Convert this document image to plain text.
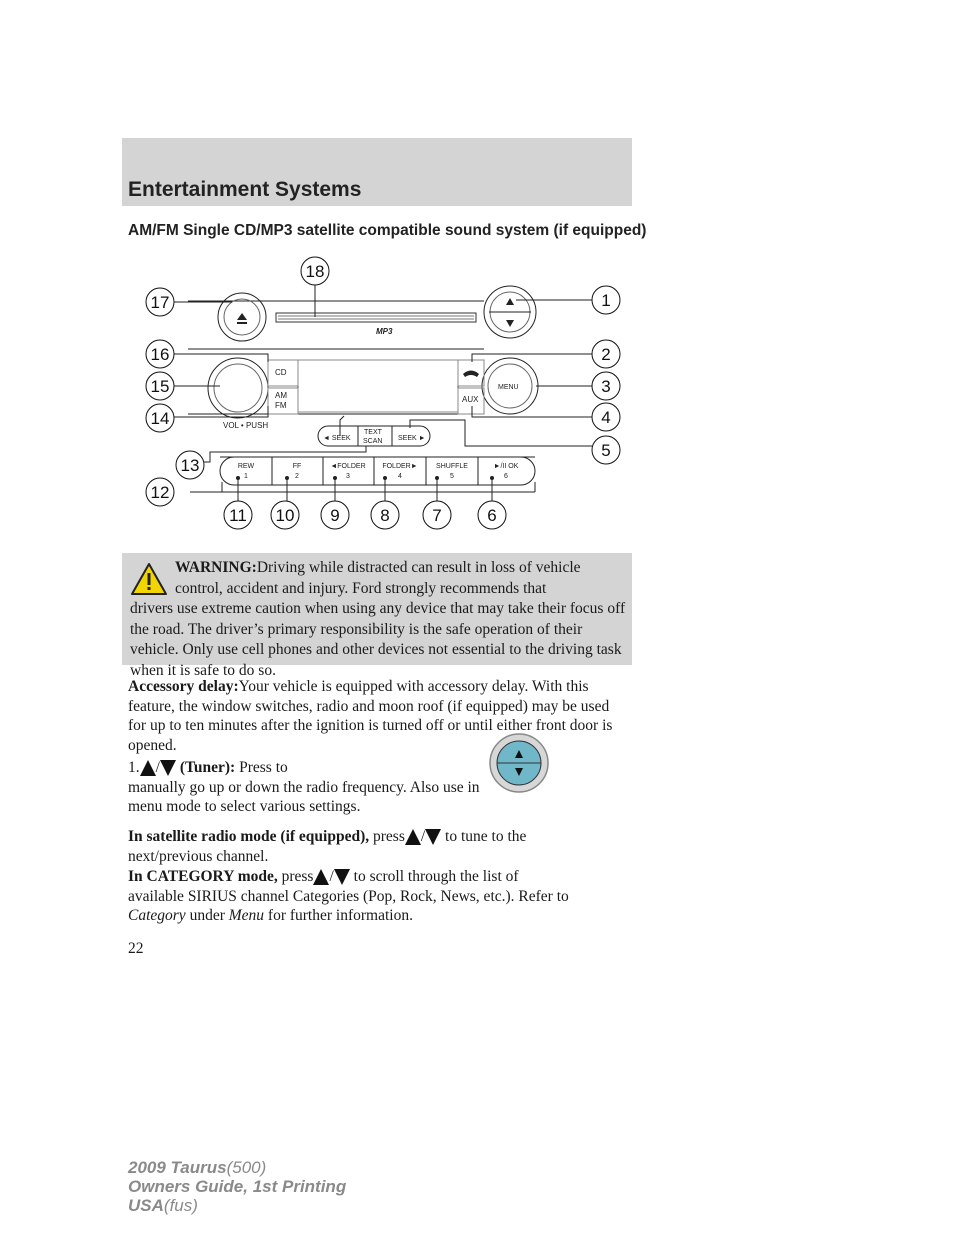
Entertainment Systems
AM/FM Single CD/MP3 satellite compatible sound system (if equipped)
MP3
CD
AM
FM
VOL • PUSH
MENU
AUX
◄ SEEK
TEXT
SCAN SEEK ►
REW
1
FF
2
◄FOLDER
3
FOLDER►
4
SHUFFLE
5
►/II OK
6
18
17	1
16	2
15	3
14	4
5
13
12
11 10 9 8	7	6
WARNING:Driving while distracted can result in loss of vehicle
control, accident and injury. Ford strongly recommends that
drivers use extreme caution when using any device that may take their focus off the road. The driver’s primary responsibility is the safe operation of their vehicle. Only use cell phones and other devices not essential to the driving task when it is safe to do so.
Accessory delay:Your vehicle is equipped with accessory delay. With this feature, the window switches, radio and moon roof (if equipped) may be used for up to ten minutes after the ignition is turned off or until either front door is opened.
1. / (Tuner): Press to
manually go up or down the radio frequency. Also use in menu mode to select various settings.
In satellite radio mode (if equipped), press / to tune to the
next/previous channel.
In CATEGORY mode, press / to scroll through the list of
available SIRIUS channel Categories (Pop, Rock, News, etc.). Refer to
Category under Menu for further information.
22
2009 Taurus(500)
Owners Guide, 1st Printing
USA(fus)
